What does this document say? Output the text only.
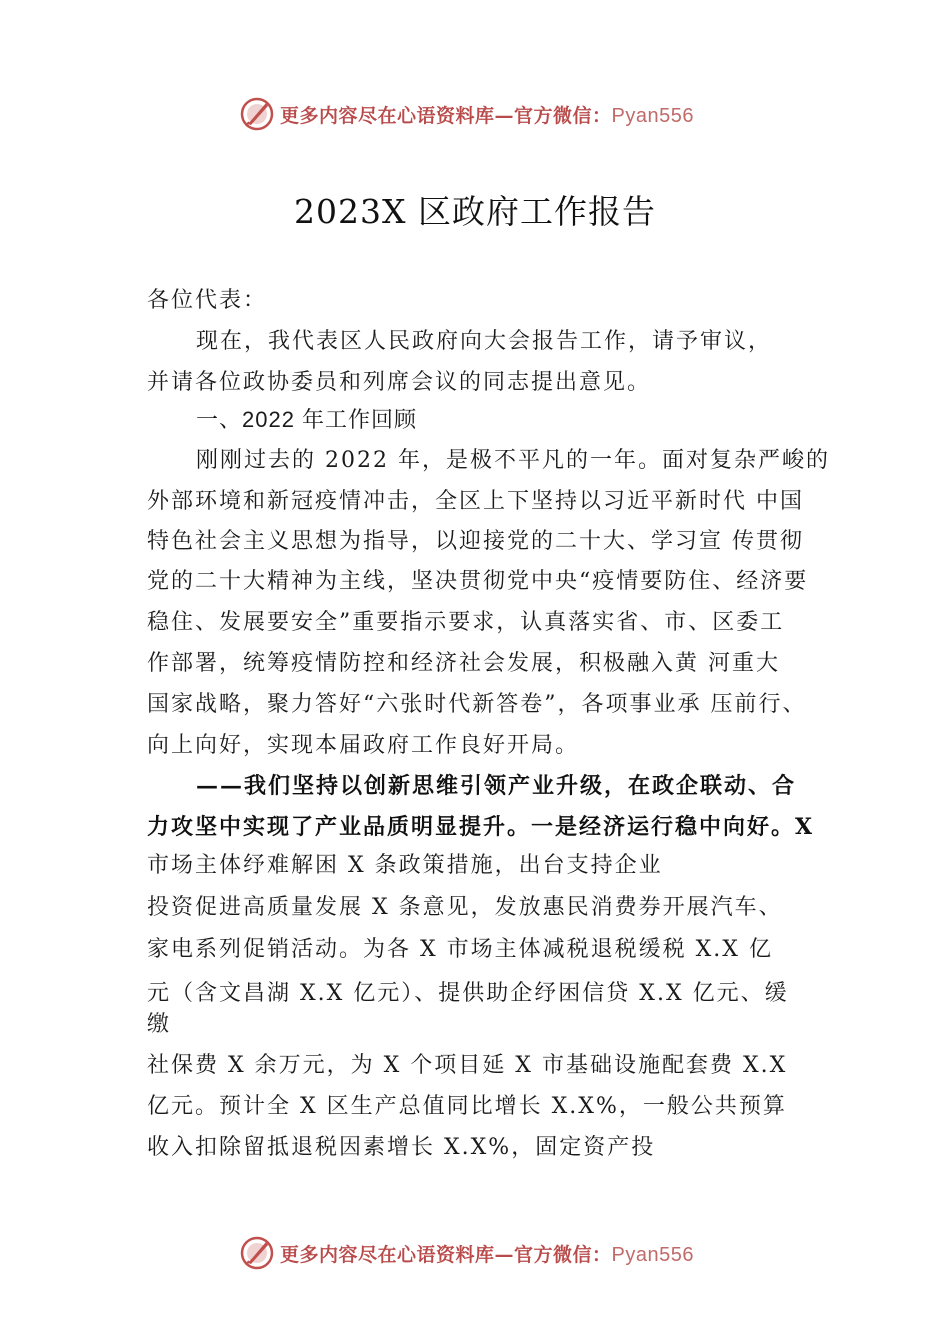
更多内容尽在心语资料库—官方微信：Pyan556
2023X 区政府工作报告
各位代表：
现在，我代表区人民政府向大会报告工作，请予审议，
并请各位政协委员和列席会议的同志提出意见。
一、2022 年工作回顾
刚刚过去的 2022 年，是极不平凡的一年。面对复杂严峻的
外部环境和新冠疫情冲击，全区上下坚持以习近平新时代 中国
特色社会主义思想为指导，以迎接党的二十大、学习宣 传贯彻
党的二十大精神为主线，坚决贯彻党中央“疫情要防住、经济要
稳住、发展要安全”重要指示要求，认真落实省、市、区委工
作部署，统筹疫情防控和经济社会发展，积极融入黄 河重大
国家战略，聚力答好“六张时代新答卷”，各项事业承 压前行、
向上向好，实现本届政府工作良好开局。
——我们坚持以创新思维引领产业升级，在政企联动、合
力攻坚中实现了产业品质明显提升。一是经济运行稳中向好。X
市场主体纾难解困 X 条政策措施，出台支持企业
投资促进高质量发展 X 条意见，发放惠民消费券开展汽车、
家电系列促销活动。为各 X 市场主体减税退税缓税 X.X 亿
元（含文昌湖 X.X 亿元）、提供助企纾困信贷 X.X 亿元、缓
缴
社保费 X 余万元，为 X 个项目延 X 市基础设施配套费 X.X
亿元。预计全 X 区生产总值同比增长 X.X%，一般公共预算
收入扣除留抵退税因素增长 X.X%，固定资产投
更多内容尽在心语资料库—官方微信：Pyan556
